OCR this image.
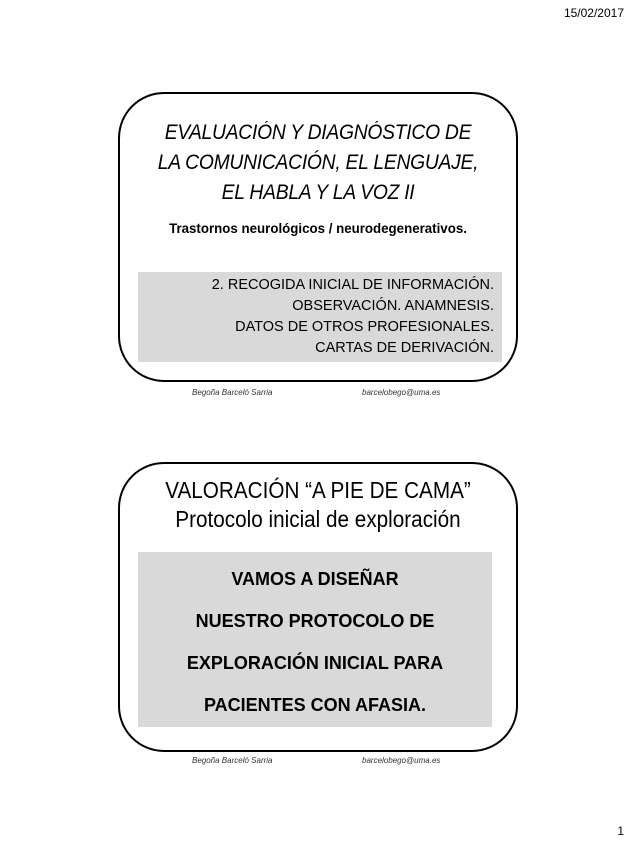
15/02/2017
EVALUACIÓN Y DIAGNÓSTICO DE
LA COMUNICACIÓN, EL LENGUAJE,
EL HABLA Y LA VOZ II
Trastornos neurológicos / neurodegenerativos.
2. RECOGIDA INICIAL DE INFORMACIÓN.
OBSERVACIÓN. ANAMNESIS.
DATOS DE OTROS PROFESIONALES.
CARTAS DE DERIVACIÓN.
Begoña Barceló Sarria	barcelobego@uma.es
VALORACIÓN “A PIE DE CAMA”
Protocolo inicial de exploración
VAMOS A DISEÑAR
NUESTRO PROTOCOLO DE
EXPLORACIÓN INICIAL PARA
PACIENTES CON AFASIA.
Begoña Barceló Sarria	barcelobego@uma.es
1
